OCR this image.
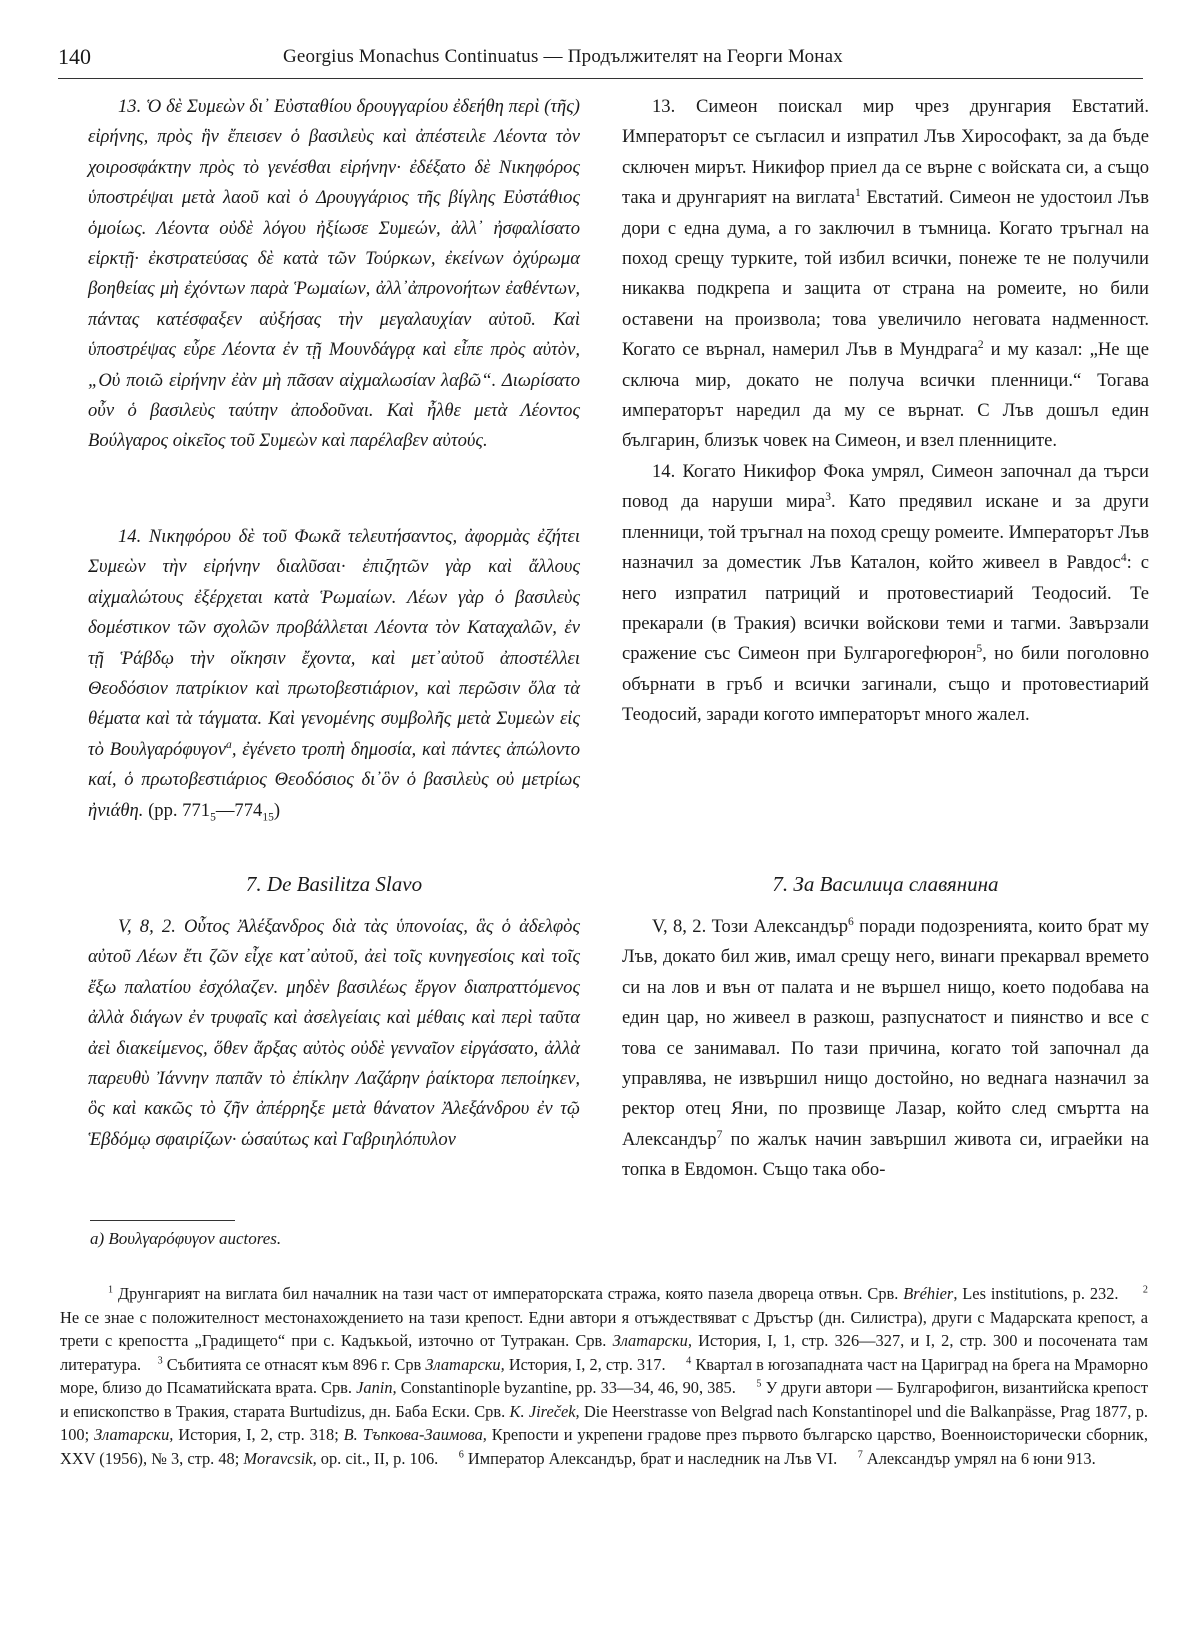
140	Georgius Monachus Continuatus — Продължителят на Георги Монах

13. Ὁ δὲ Συμεὼν δι᾿ Εὐσταθίου δρουγγαρίου ἐδεήθη περὶ (τῆς) εἰρήνης, πρὸς ἣν ἔπεισεν ὁ βασιλεὺς καὶ ἀπέστειλε Λέοντα τὸν χοιροσφάκτην πρὸς τὸ γενέσθαι εἰρήνην· ἐδέξατο δὲ Νικηφόρος ὑποστρέψαι μετὰ λαοῦ καὶ ὁ Δρουγγάριος τῆς βίγλης Εὐστάθιος ὁμοίως. Λέοντα οὐδὲ λόγου ἠξίωσε Συμεών, ἀλλ᾿ ἠσφαλίσατο εἱρκτῇ· ἐκστρατεύσας δὲ κατὰ τῶν Τούρκων, ἐκείνων ὀχύρωμα βοηθείας μὴ ἐχόντων παρὰ Ῥωμαίων, ἀλλ᾿ἀπρονοήτων ἐαθέντων, πάντας κατέσφαξεν αὐξήσας τὴν μεγαλαυχίαν αὐτοῦ. Καὶ ὑποστρέψας εὗρε Λέοντα ἐν τῇ Μουνδάγρᾳ καὶ εἶπε πρὸς αὐτὸν, „Οὐ ποιῶ εἰρήνην ἐὰν μὴ πᾶσαν αἰχμαλωσίαν λαβῶ“. Διωρίσατο οὖν ὁ βασιλεὺς ταύτην ἀποδοῦναι. Καὶ ἦλθε μετὰ Λέοντος Βούλγαρος οἰκεῖος τοῦ Συμεὼν καὶ παρέλαβεν αὐτούς.

14. Νικηφόρου δὲ τοῦ Φωκᾶ τελευτήσαντος, ἀφορμὰς ἐζήτει Συμεὼν τὴν εἰρήνην διαλῦσαι· ἐπιζητῶν γὰρ καὶ ἄλλους αἰχμαλώτους ἐξέρχεται κατὰ Ῥωμαίων. Λέων γὰρ ὁ βασιλεὺς δομέστικον τῶν σχολῶν προβάλλεται Λέοντα τὸν Καταχαλῶν, ἐν τῇ Ῥάβδῳ τὴν οἴκησιν ἔχοντα, καὶ μετ᾿αὐτοῦ ἀποστέλλει Θεοδόσιον πατρίκιον καὶ πρωτοβεστιάριον, καὶ περῶσιν ὅλα τὰ θέματα καὶ τὰ τάγματα. Καὶ γενομένης συμβολῆς μετὰ Συμεὼν εἰς τὸ Βουλγαρόφυγον$^a$, ἐγένετο τροπὴ δημοσία, καὶ πάντες ἀπώλοντο καί, ὁ πρωτοβεστιάριος Θεοδόσιος δι᾿ὃν ὁ βασιλεὺς οὐ μετρίως ἠνιάθη. (pp. $771_5—774_{15}$)

7. De Basilitza Slavo

V, 8, 2. Οὗτος Ἀλέξανδρος διὰ τὰς ὑπονοίας, ἃς ὁ ἀδελφὸς αὐτοῦ Λέων ἔτι ζῶν εἶχε κατ᾿αὐτοῦ, ἀεὶ τοῖς κυνηγεσίοις καὶ τοῖς ἔξω παλατίου ἐσχόλαζεν. μηδὲν βασιλέως ἔργον διαπραττόμενος ἀλλὰ διάγων ἐν τρυφαῖς καὶ ἀσελγείαις καὶ μέθαις καὶ περὶ ταῦτα ἀεὶ διακείμενος, ὅθεν ἄρξας αὐτὸς οὐδὲ γενναῖον εἰργάσατο, ἀλλὰ παρευθὺ Ἰάννην παπᾶν τὸ ἐπίκλην Λαζάρην ῥαίκτορα πεποίηκεν, ὃς καὶ κακῶς τὸ ζῆν ἀπέρρηξε μετὰ θάνατον Ἀλεξάνδρου ἐν τῷ Ἑβδόμῳ σφαιρίζων· ὡσαύτως καὶ Γαβριηλόπυλον

a) Βουλγαρόφυγον auctores.

13. Симеон поискал мир чрез друнгария Евстатий. Императорът се съгласил и изпратил Лъв Хирософакт, за да бъде сключен мирът. Никифор приел да се върне с войската си, а също така и друнгарият на виглата$^1$ Евстатий. Симеон не удостоил Лъв дори с една дума, а го заключил в тъмница. Когато тръгнал на поход срещу турките, той избил всички, понеже те не получили никаква подкрепа и защита от страна на ромеите, но били оставени на произвола; това увеличило неговата надменност. Когато се върнал, намерил Лъв в Мундрага$^2$ и му казал: „Не ще сключа мир, докато не получа всички пленници.“ Тогава императорът наредил да му се върнат. С Лъв дошъл един българин, близък човек на Симеон, и взел пленниците.

14. Когато Никифор Фока умрял, Симеон започнал да търси повод да наруши мира$^3$. Като предявил искане и за други пленници, той тръгнал на поход срещу ромеите. Императорът Лъв назначил за доместик Лъв Каталон, който живеел в Равдос$^4$: с него изпратил патриций и протовестиарий Теодосий. Те прекарали (в Тракия) всички войскови теми и тагми. Завързали сражение със Симеон при Булгарогефюрон$^5$, но били поголовно обърнати в гръб и всички загинали, също и протовестиарий Теодосий, заради когото императорът много жалел.

7. За Василица славянина

V, 8, 2. Този Александър$^6$ поради подозренията, които брат му Лъв, докато бил жив, имал срещу него, винаги прекарвал времето си на лов и вън от палата и не вършел нищо, което подобава на един цар, но живеел в разкош, разпуснатост и пиянство и все с това се занимавал. По тази причина, когато той започнал да управлява, не извършил нищо достойно, но веднага назначил за ректор отец Яни, по прозвище Лазар, който след смъртта на Александър$^7$ по жалък начин завършил живота си, играейки на топка в Евдомон. Също така обо-

$^1$ Друнгарият на виглата бил началник на тази част от императорската стража, която пазела двореца отвън. Срв. Bréhier, Les institutions, p. 232. $^2$ Не се знае с положителност местонахождението на тази крепост. Едни автори я отъждествяват с Дръстър (дн. Силистра), други с Мадарската крепост, а трети с крепостта „Градището“ при с. Кадъкьой, източно от Тутракан. Срв. Златарски, История, I, 1, стр. 326—327, и I, 2, стр. 300 и посочената там литература. $^3$ Събитията се отнасят към 896 г. Срв Златарски, История, I, 2, стр. 317. $^4$ Квартал в югозападната част на Цариград на брега на Мраморно море, близо до Псаматийската врата. Срв. Janin, Constantinople byzantine, pp. 33—34, 46, 90, 385. $^5$ У други автори — Булгарофигон, византийска крепост и епископство в Тракия, старата Burtudizus, дн. Баба Ески. Срв. K. Jireček, Die Heerstrasse von Belgrad nach Konstantinopel und die Balkanpässe, Prag 1877, p. 100; Златарски, История, I, 2, стр. 318; В. Тъпкова-Заимова, Крепости и укрепени градове през първото българско царство, Военноисторически сборник, XXV (1956), № 3, стр. 48; Moravcsik, op. cit., II, p. 106. $^6$ Император Александър, брат и наследник на Лъв VI. $^7$ Александър умрял на 6 юни 913.
